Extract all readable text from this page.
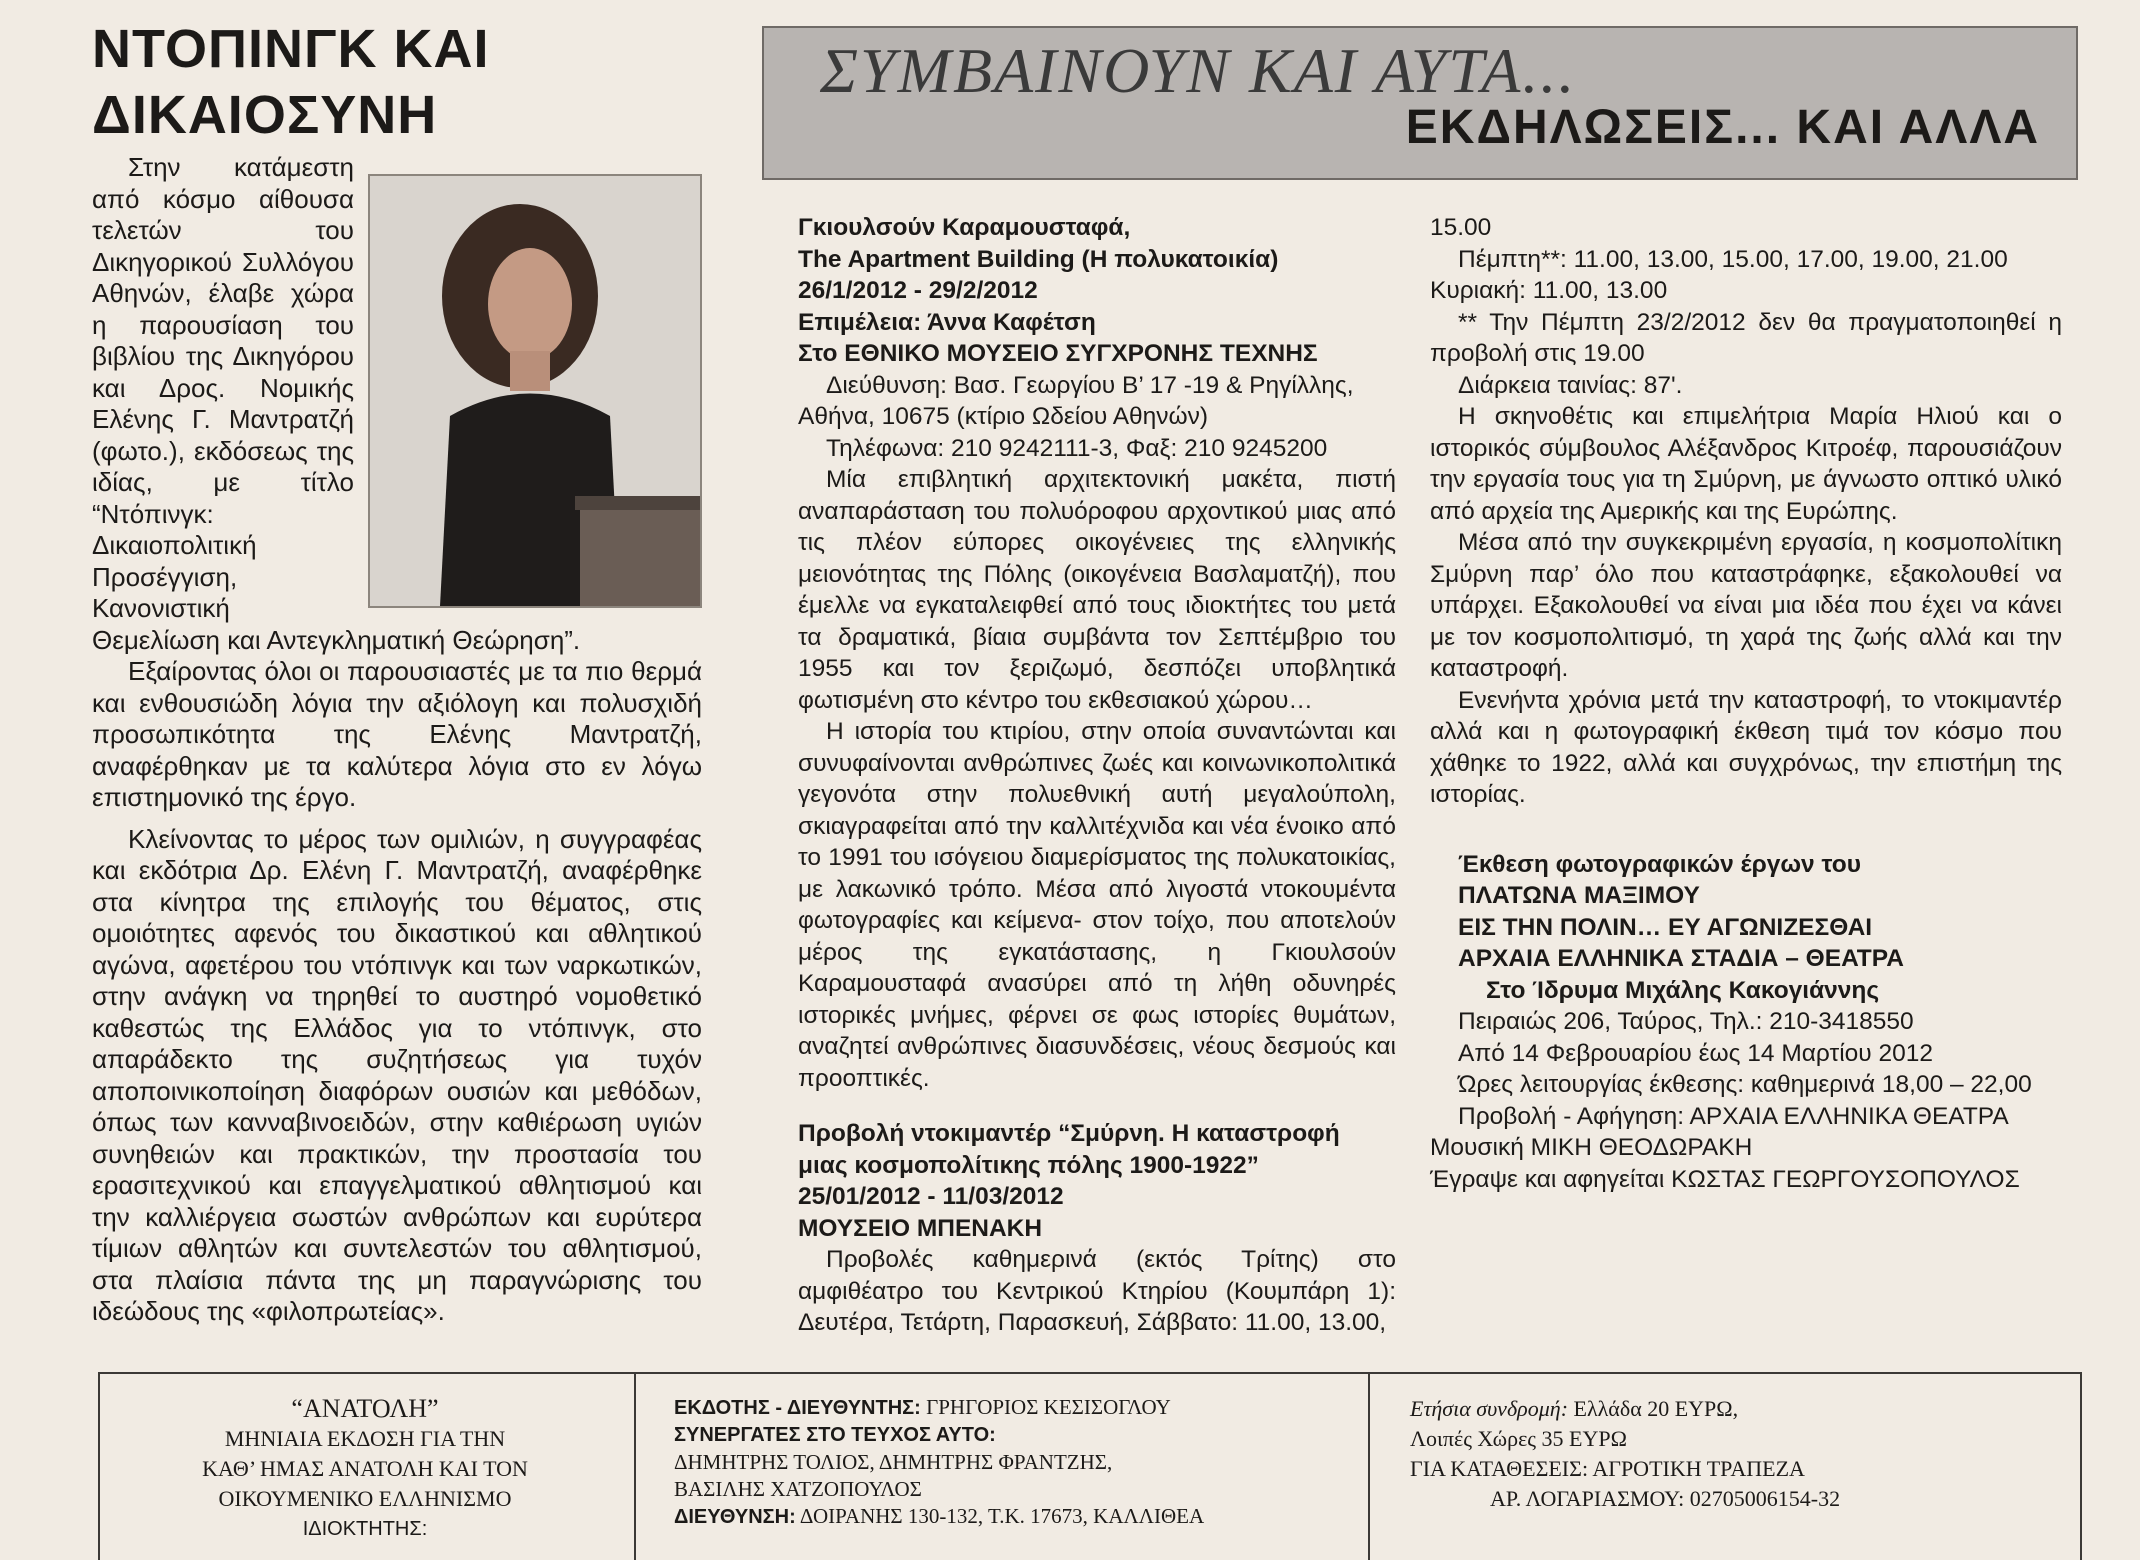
ΝΤΟΠΙΝΓΚ ΚΑΙ ΔΙΚΑΙΟΣΥΝΗ

Στην κατάμεστη από κόσμο αίθουσα τελετών του Δικηγορικού Συλλόγου Αθηνών, έλαβε χώρα η παρουσίαση του βιβλίου της Δικηγόρου και Δρος. Νομικής Ελένης Γ. Μαντρατζή (φωτο.), εκδόσεως της ιδίας, με τίτλο “Ντόπινγκ: Δικαιοπολιτική Προσέγγιση, Κανονιστική Θεμελίωση και Αντεγκληματική Θεώρηση”.

Εξαίροντας όλοι οι παρουσιαστές με τα πιο θερμά και ενθουσιώδη λόγια την αξιόλογη και πολυσχιδή προσωπικότητα της Ελένης Μαντρατζή, αναφέρθηκαν με τα καλύτερα λόγια στο εν λόγω επιστημονικό της έργο.

Κλείνοντας το μέρος των ομιλιών, η συγγραφέας και εκδότρια Δρ. Ελένη Γ. Μαντρατζή, αναφέρθηκε στα κίνητρα της επιλογής του θέματος, στις ομοιότητες αφενός του δικαστικού και αθλητικού αγώνα, αφετέρου του ντόπινγκ και των ναρκωτικών, στην ανάγκη να τηρηθεί το αυστηρό νομοθετικό καθεστώς της Ελλάδος για το ντόπινγκ, στο απαράδεκτο της συζητήσεως για τυχόν αποποινικοποίηση διαφόρων ουσιών και μεθόδων, όπως των κανναβινοειδών, στην καθιέρωση υγιών συνηθειών και πρακτικών, την προστασία του ερασιτεχνικού και επαγγελματικού αθλητισμού και την καλλιέργεια σωστών ανθρώπων και ευρύτερα τίμιων αθλητών και συντελεστών του αθλητισμού, στα πλαίσια πάντα της μη παραγνώρισης του ιδεώδους της «φιλοπρωτείας».

ΣΥΜΒΑΙΝΟΥΝ ΚΑΙ ΑΥΤΑ...
ΕΚΔΗΛΩΣΕΙΣ... ΚΑΙ ΑΛΛΑ

Γκιουλσούν Καραμουσταφά,

The Apartment Building (Η πολυκατοικία)

26/1/2012 - 29/2/2012

Επιμέλεια: Άννα Καφέτση

Στο ΕΘΝΙΚΟ ΜΟΥΣΕΙΟ ΣΥΓΧΡΟΝΗΣ ΤΕΧΝΗΣ

Διεύθυνση: Βασ. Γεωργίου Β’ 17 -19 & Ρηγίλλης, Αθήνα, 10675 (κτίριο Ωδείου Αθηνών)

Τηλέφωνα: 210 9242111-3, Φαξ: 210 9245200

Μία επιβλητική αρχιτεκτονική μακέτα, πιστή αναπαράσταση του πολυόροφου αρχοντικού μιας από τις πλέον εύπορες οικογένειες της ελληνικής μειονότητας της Πόλης (οικογένεια Βασλαματζή), που έμελλε να εγκαταλειφθεί από τους ιδιοκτήτες του μετά τα δραματικά, βίαια συμβάντα τον Σεπτέμβριο του 1955 και τον ξεριζωμό, δεσπόζει υποβλητικά φωτισμένη στο κέντρο του εκθεσιακού χώρου…

Η ιστορία του κτιρίου, στην οποία συναντώνται και συνυφαίνονται ανθρώπινες ζωές και κοινωνικοπολιτικά γεγονότα στην πολυεθνική αυτή μεγαλούπολη, σκιαγραφείται από την καλλιτέχνιδα και νέα ένοικο από το 1991 του ισόγειου διαμερίσματος της πολυκατοικίας, με λακωνικό τρόπο. Μέσα από λιγοστά ντοκουμέντα φωτογραφίες και κείμενα- στον τοίχο, που αποτελούν μέρος της εγκατάστασης, η Γκιουλσούν Καραμουσταφά ανασύρει από τη λήθη οδυνηρές ιστορικές μνήμες, φέρνει σε φως ιστορίες θυμάτων, αναζητεί ανθρώπινες διασυνδέσεις, νέους δεσμούς και προοπτικές.

Προβολή ντοκιμαντέρ “Σμύρνη. Η καταστροφή μιας κοσμοπολίτικης πόλης 1900-1922”

25/01/2012 - 11/03/2012

ΜΟΥΣΕΙΟ ΜΠΕΝΑΚΗ

Προβολές καθημερινά (εκτός Τρίτης) στο αμφιθέατρο του Κεντρικού Κτηρίου (Κουμπάρη 1): Δευτέρα, Τετάρτη, Παρασκευή, Σάββατο: 11.00, 13.00,

15.00

Πέμπτη**: 11.00, 13.00, 15.00, 17.00, 19.00, 21.00

Κυριακή: 11.00, 13.00

** Την Πέμπτη 23/2/2012 δεν θα πραγματοποιηθεί η προβολή στις 19.00

Διάρκεια ταινίας: 87'.

Η σκηνοθέτις και επιμελήτρια Μαρία Ηλιού και ο ιστορικός σύμβουλος Αλέξανδρος Κιτροέφ, παρουσιάζουν την εργασία τους για τη Σμύρνη, με άγνωστο οπτικό υλικό από αρχεία της Αμερικής και της Ευρώπης.

Μέσα από την συγκεκριμένη εργασία, η κοσμοπολίτικη Σμύρνη παρ’ όλο που καταστράφηκε, εξακολουθεί να υπάρχει. Εξακολουθεί να είναι μια ιδέα που έχει να κάνει με τον κοσμοπολιτισμό, τη χαρά της ζωής αλλά και την καταστροφή.

Ενενήντα χρόνια μετά την καταστροφή, το ντοκιμαντέρ αλλά και η φωτογραφική έκθεση τιμά τον κόσμο που χάθηκε το 1922, αλλά και συγχρόνως, την επιστήμη της ιστορίας.

Έκθεση φωτογραφικών έργων του

ΠΛΑΤΩΝΑ ΜΑΞΙΜΟΥ

ΕΙΣ ΤΗΝ ΠΟΛΙΝ… ΕΥ ΑΓΩΝΙΖΕΣΘΑΙ

ΑΡΧΑΙΑ ΕΛΛΗΝΙΚΑ ΣΤΑΔΙΑ – ΘΕΑΤΡΑ

Στο Ίδρυμα Μιχάλης Κακογιάννης

Πειραιώς 206, Ταύρος, Τηλ.: 210-3418550

Από 14 Φεβρουαρίου έως 14 Μαρτίου 2012

Ώρες λειτουργίας έκθεσης: καθημερινά 18,00 – 22,00

Προβολή - Αφήγηση: ΑΡΧΑΙΑ ΕΛΛΗΝΙΚΑ ΘΕΑΤΡΑ

Μουσική ΜΙΚΗ ΘΕΟΔΩΡΑΚΗ

Έγραψε και αφηγείται ΚΩΣΤΑΣ ΓΕΩΡΓΟΥΣΟΠΟΥΛΟΣ

“ΑΝΑΤΟΛΗ”
ΜΗΝΙΑΙΑ ΕΚΔΟΣΗ ΓΙΑ ΤΗΝ
ΚΑΘ’ ΗΜΑΣ ΑΝΑΤΟΛΗ ΚΑΙ ΤΟΝ
ΟΙΚΟΥΜΕΝΙΚΟ ΕΛΛΗΝΙΣΜΟ
ΙΔΙΟΚΤΗΤΗΣ:
ΕΚΔΟΤΗΣ - ΔΙΕΥΘΥΝΤΗΣ: ΓΡΗΓΟΡΙΟΣ ΚΕΣΙΣΟΓΛΟΥ
ΣΥΝΕΡΓΑΤΕΣ ΣΤΟ ΤΕΥΧΟΣ ΑΥΤΟ:
ΔΗΜΗΤΡΗΣ ΤΟΛΙΟΣ, ΔΗΜΗΤΡΗΣ ΦΡΑΝΤΖΗΣ,
ΒΑΣΙΛΗΣ ΧΑΤΖΟΠΟΥΛΟΣ
ΔΙΕΥΘΥΝΣΗ: ΔΟΙΡΑΝΗΣ 130-132, Τ.Κ. 17673, ΚΑΛΛΙΘΕΑ
Ετήσια συνδρομή: Ελλάδα 20 ΕΥΡΩ,
Λοιπές Χώρες 35 ΕΥΡΩ
ΓΙΑ ΚΑΤΑΘΕΣΕΙΣ: ΑΓΡΟΤΙΚΗ ΤΡΑΠΕΖΑ
ΑΡ. ΛΟΓΑΡΙΑΣΜΟΥ: 02705006154-32
